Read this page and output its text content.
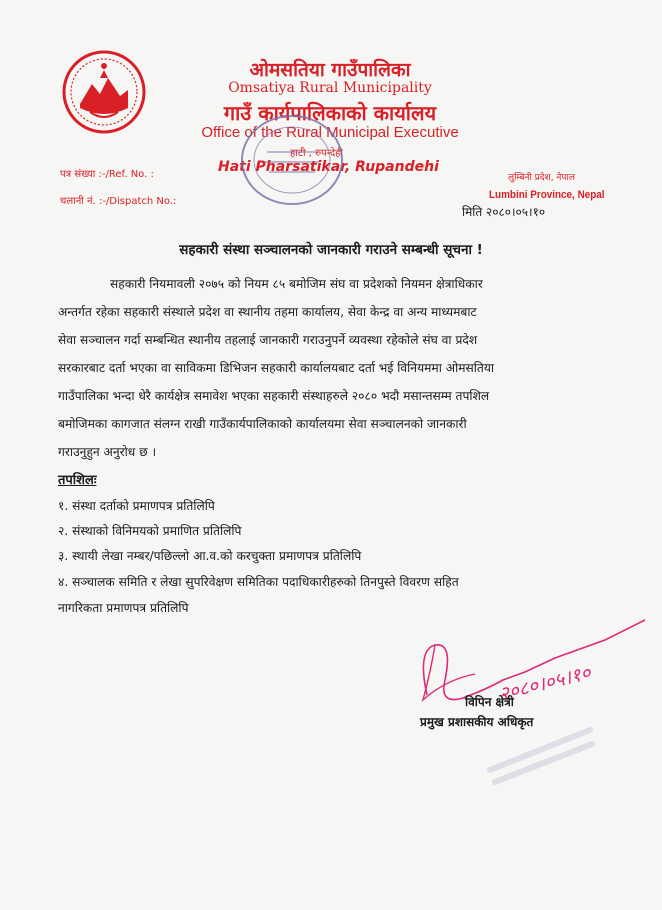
ओमसतिया गाउँपालिका
Omsatiya Rural Municipality
गाउँ कार्यपालिकाको कार्यालय
Office of the Rural Municipal Executive
हाटी , रुपन्देही
Hati Pharsatikar, Rupandehi
पत्र संख्या :-/Ref. No. :
चलानी नं. :-/Dispatch No.:
लुम्बिनी प्रदेश, नेपाल
Lumbini Province, Nepal
मिति २०८०।०५।१०
सहकारी संस्था सञ्चालनको जानकारी गराउने सम्बन्धी सूचना !
सहकारी नियमावली २०७५ को नियम ८५ बमोजिम संघ वा प्रदेशको नियमन क्षेत्राधिकार
अन्तर्गत रहेका सहकारी संस्थाले प्रदेश वा स्थानीय तहमा कार्यालय, सेवा केन्द्र वा अन्य माध्यमबाट
सेवा सञ्चालन गर्दा सम्बन्धित स्थानीय तहलाई जानकारी गराउनुपर्ने व्यवस्था रहेकोले संघ वा प्रदेश
सरकारबाट दर्ता भएका वा साविकमा डिभिजन सहकारी कार्यालयबाट दर्ता भई विनियममा ओमसतिया
गाउँपालिका भन्दा धेरै कार्यक्षेत्र समावेश भएका सहकारी संस्थाहरुले २०८० भदौ मसान्तसम्म तपशिल
बमोजिमका कागजात संलग्न राखी गाउँकार्यपालिकाको कार्यालयमा सेवा सञ्चालनको जानकारी
गराउनुहुन अनुरोध छ ।
तपशिलः
१. संस्था दर्ताको प्रमाणपत्र प्रतिलिपि
२. संस्थाको विनिमयको प्रमाणित प्रतिलिपि
३. स्थायी लेखा नम्बर/पछिल्लो आ.व.को करचुक्ता प्रमाणपत्र प्रतिलिपि
४. सञ्चालक समिति र लेखा सुपरिवेक्षण समितिका पदाधिकारीहरुको तिनपुस्ते विवरण सहित
नागरिकता प्रमाणपत्र प्रतिलिपि
२०८०।०५।१०
विपिन क्षेत्री
प्रमुख प्रशासकीय अधिकृत
